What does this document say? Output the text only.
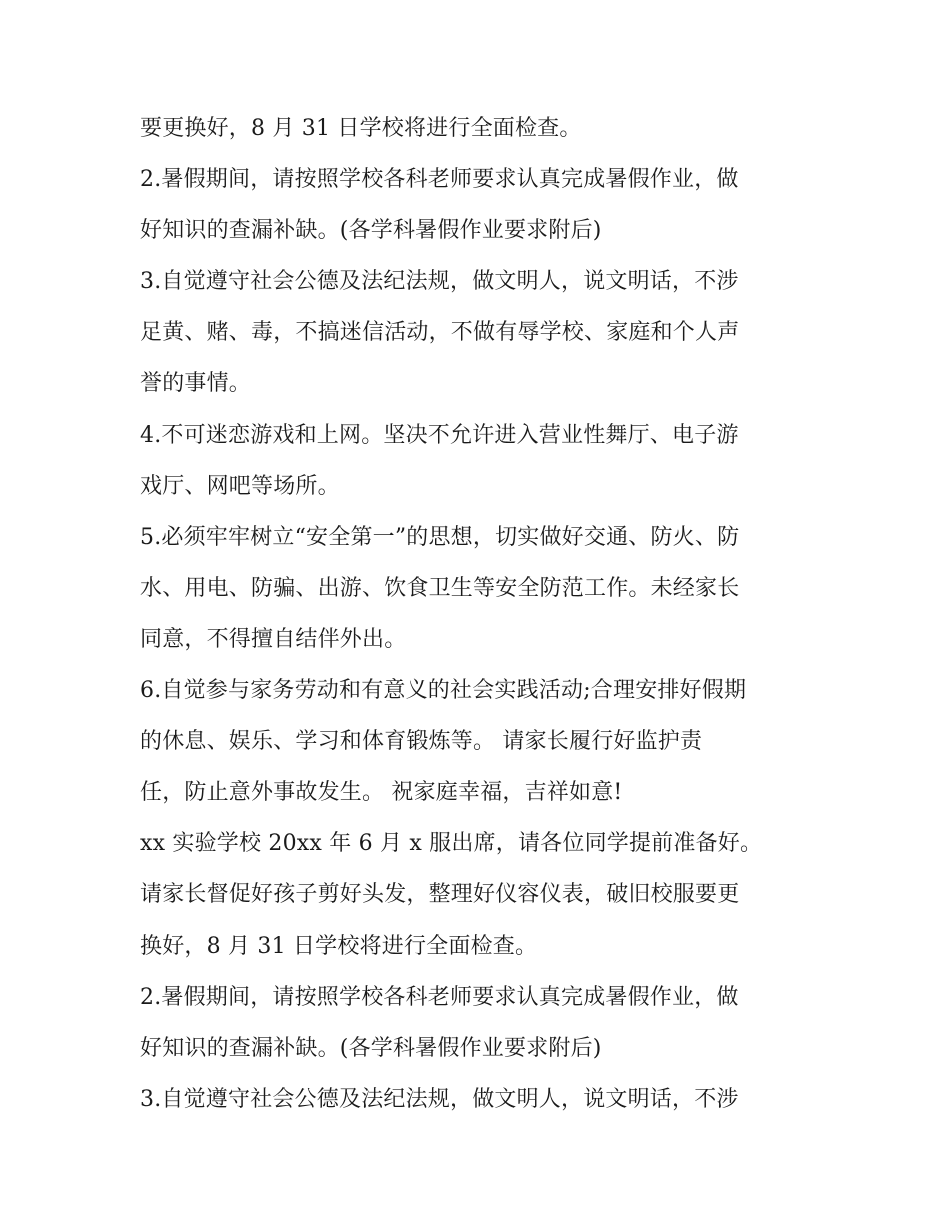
要更换好，8 月 31 日学校将进行全面检查。
2.暑假期间，请按照学校各科老师要求认真完成暑假作业，做
好知识的查漏补缺。(各学科暑假作业要求附后)
3.自觉遵守社会公德及法纪法规，做文明人，说文明话，不涉
足黄、赌、毒，不搞迷信活动，不做有辱学校、家庭和个人声
誉的事情。
4.不可迷恋游戏和上网。坚决不允许进入营业性舞厅、电子游
戏厅、网吧等场所。
5.必须牢牢树立“安全第一”的思想，切实做好交通、防火、防
水、用电、防骗、出游、饮食卫生等安全防范工作。未经家长
同意，不得擅自结伴外出。
6.自觉参与家务劳动和有意义的社会实践活动;合理安排好假期
的休息、娱乐、学习和体育锻炼等。 请家长履行好监护责
任，防止意外事故发生。 祝家庭幸福，吉祥如意!
xx 实验学校 20xx 年 6 月 x 服出席，请各位同学提前准备好。
请家长督促好孩子剪好头发，整理好仪容仪表，破旧校服要更
换好，8 月 31 日学校将进行全面检查。
2.暑假期间，请按照学校各科老师要求认真完成暑假作业，做
好知识的查漏补缺。(各学科暑假作业要求附后)
3.自觉遵守社会公德及法纪法规，做文明人，说文明话，不涉
